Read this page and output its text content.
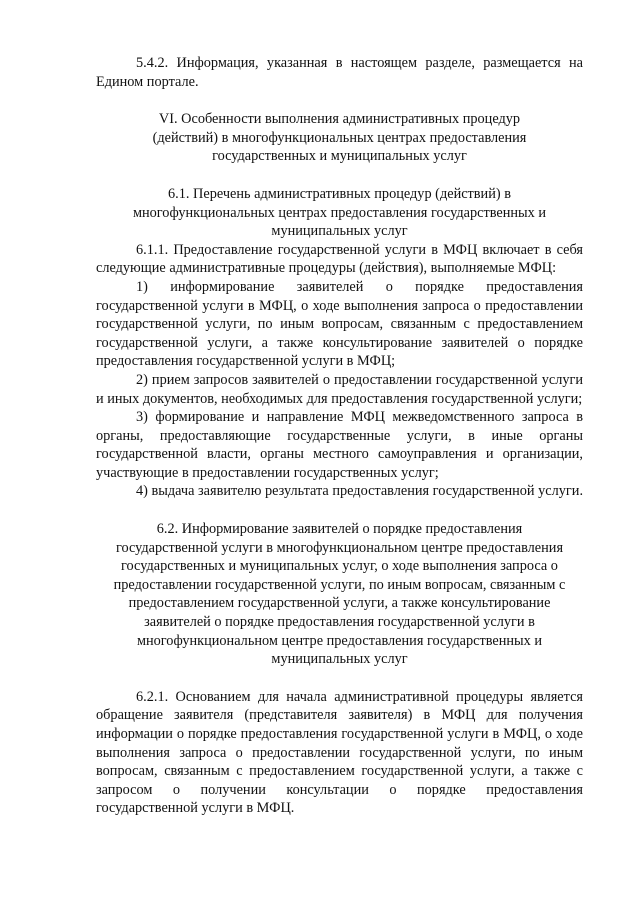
5.4.2. Информация, указанная в настоящем разделе, размещается на Едином портале.

VI. Особенности выполнения административных процедур
(действий) в многофункциональных центрах предоставления
государственных и муниципальных услуг

6.1. Перечень административных процедур (действий) в
многофункциональных центрах предоставления государственных и
муниципальных услуг

6.1.1. Предоставление государственной услуги в МФЦ включает в себя следующие административные процедуры (действия), выполняемые МФЦ:

1) информирование заявителей о порядке предоставления государственной услуги в МФЦ, о ходе выполнения запроса о предоставлении государственной услуги, по иным вопросам, связанным с предоставлением государственной услуги, а также консультирование заявителей о порядке предоставления государственной услуги в МФЦ;

2) прием запросов заявителей о предоставлении государственной услуги и иных документов, необходимых для предоставления государственной услуги;

3) формирование и направление МФЦ межведомственного запроса в органы, предоставляющие государственные услуги, в иные органы государственной власти, органы местного самоуправления и организации, участвующие в предоставлении государственных услуг;

4) выдача заявителю результата предоставления государственной услуги.

6.2. Информирование заявителей о порядке предоставления
государственной услуги в многофункциональном центре предоставления
государственных и муниципальных услуг, о ходе выполнения запроса о
предоставлении государственной услуги, по иным вопросам, связанным с
предоставлением государственной услуги, а также консультирование
заявителей о порядке предоставления государственной услуги в
многофункциональном центре предоставления государственных и
муниципальных услуг

6.2.1. Основанием для начала административной процедуры является обращение заявителя (представителя заявителя) в МФЦ для получения информации о порядке предоставления государственной услуги в МФЦ, о ходе выполнения запроса о предоставлении государственной услуги, по иным вопросам, связанным с предоставлением государственной услуги, а также с запросом о получении консультации о порядке предоставления государственной услуги в МФЦ.
